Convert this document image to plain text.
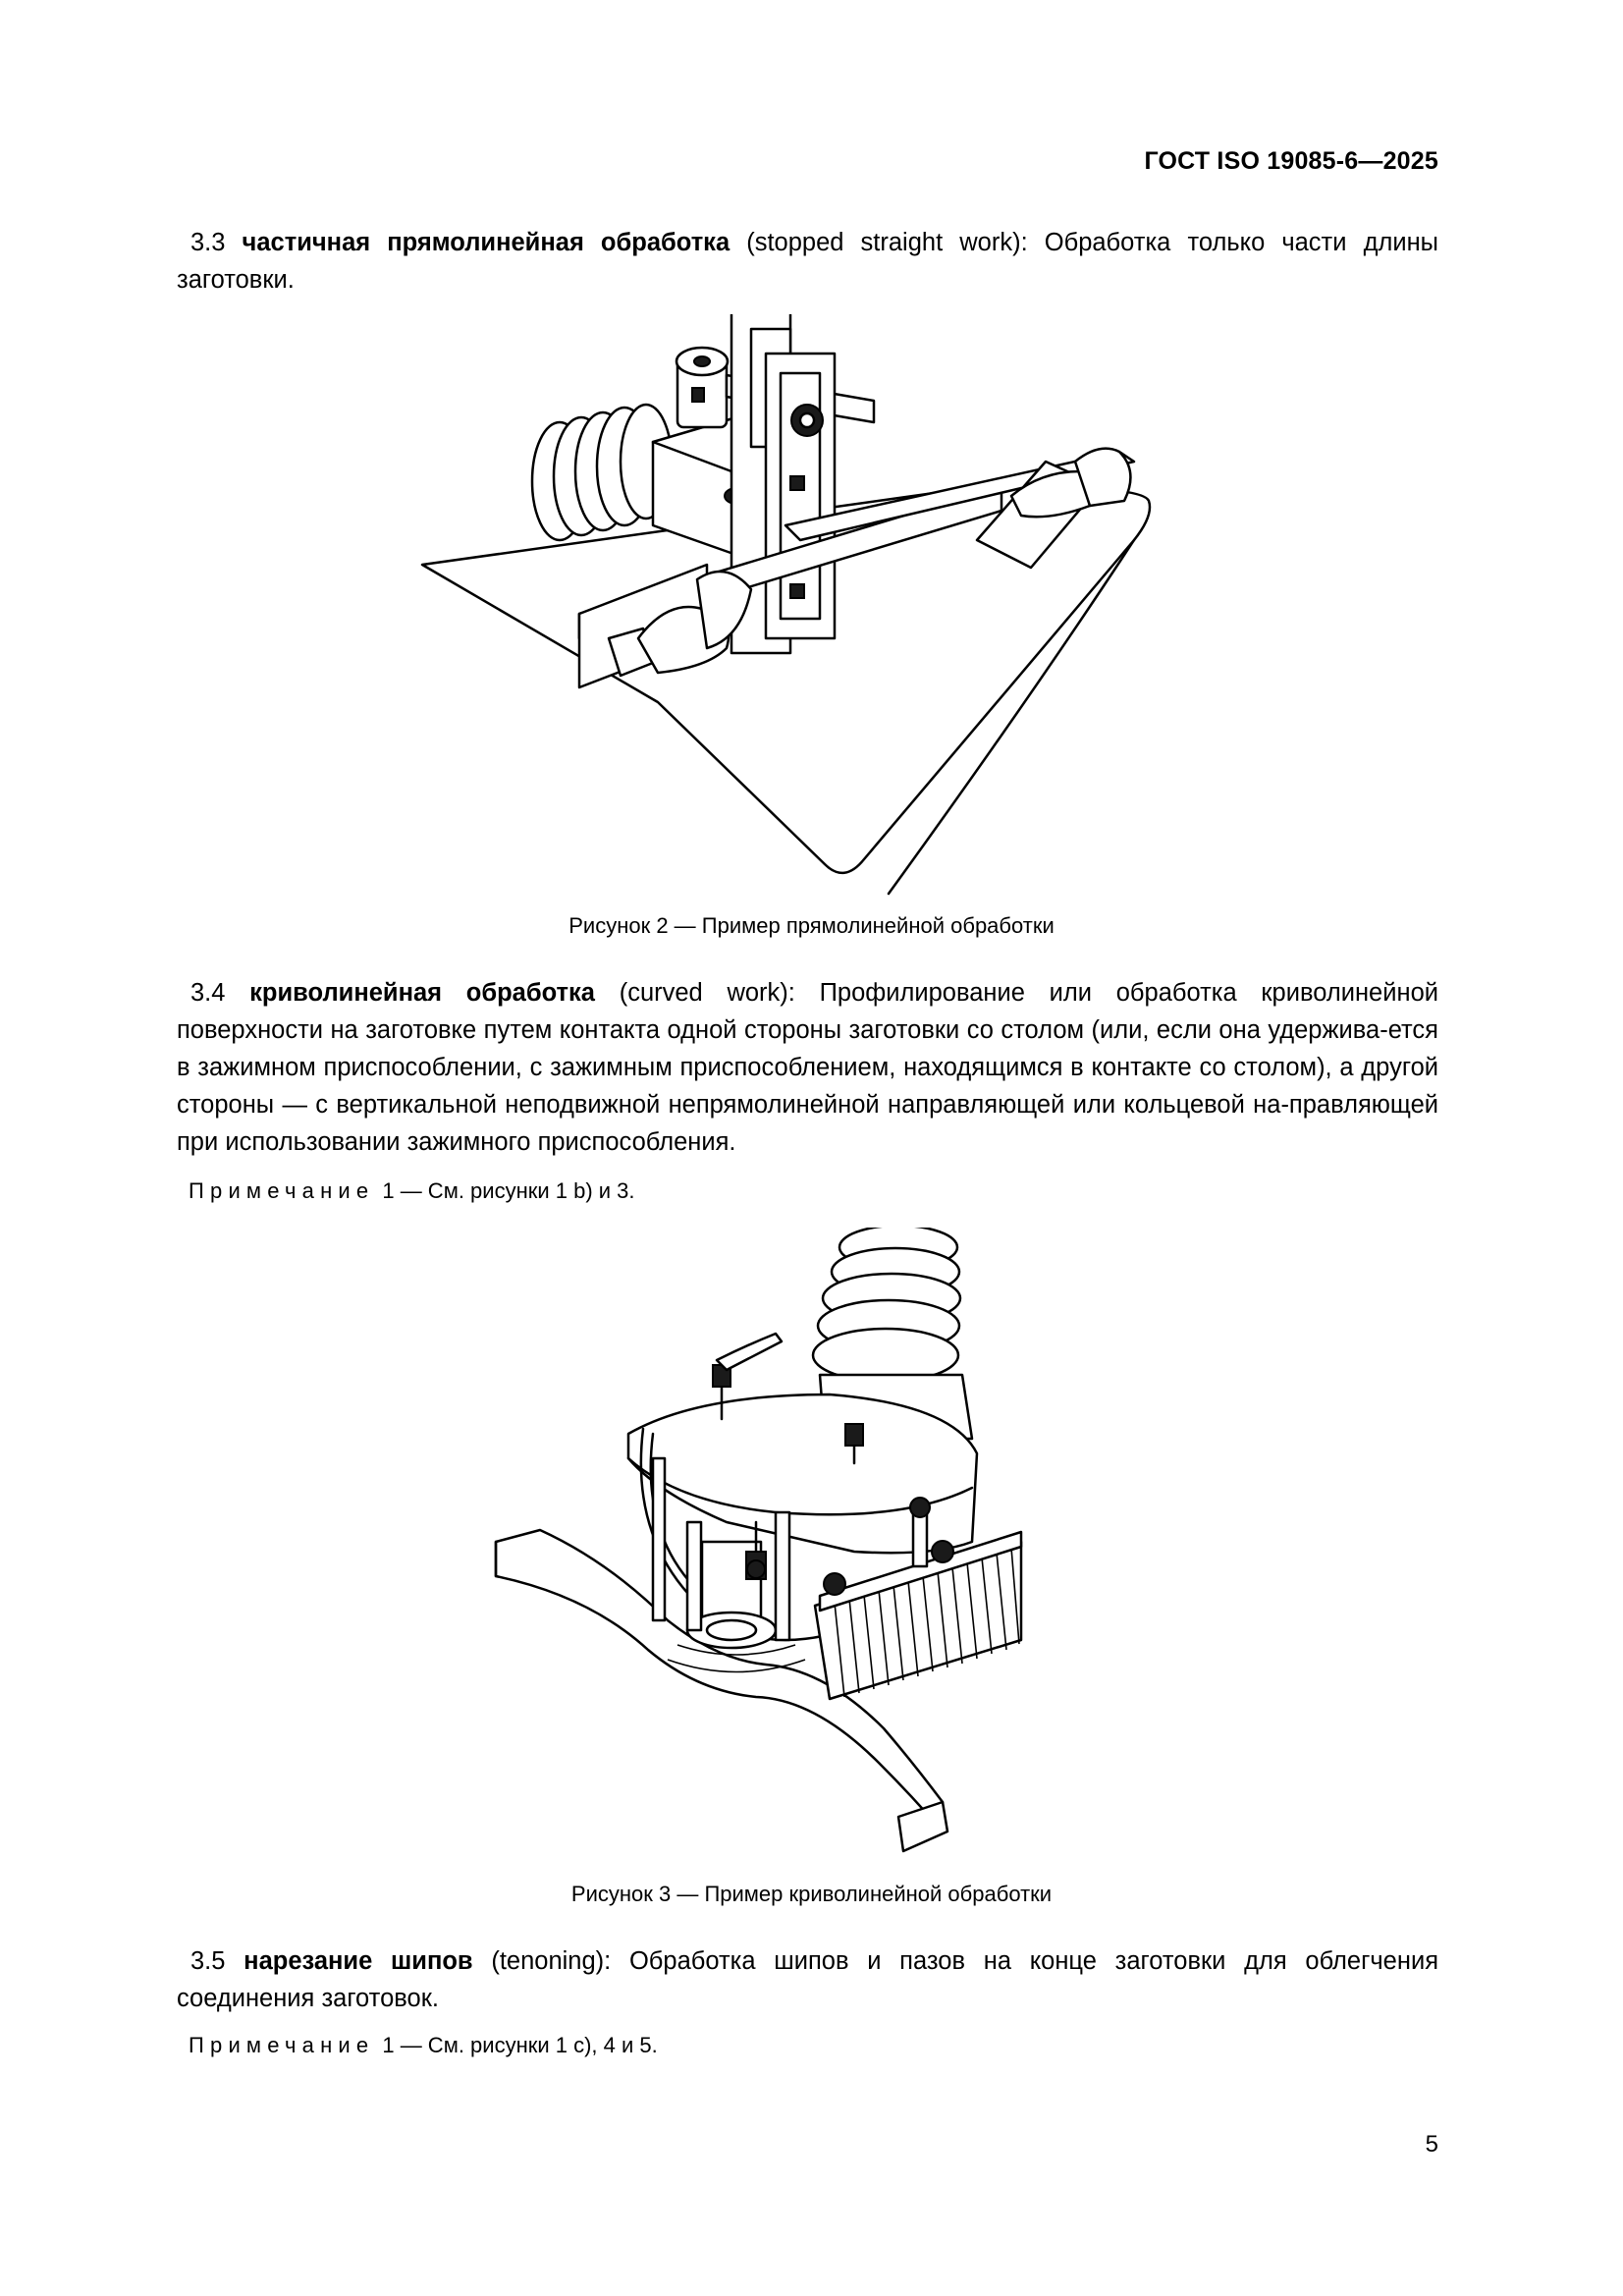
ГОСТ ISO 19085-6—2025

3.3 частичная прямолинейная обработка (stopped straight work): Обработка только части длины заготовки.

Рисунок 2 — Пример прямолинейной обработки

3.4 криволинейная обработка (curved work): Профилирование или обработка криволинейной поверхности на заготовке путем контакта одной стороны заготовки со столом (или, если она удержива-ется в зажимном приспособлении, с зажимным приспособлением, находящимся в контакте со столом), а другой стороны — с вертикальной неподвижной непрямолинейной направляющей или кольцевой на-правляющей при использовании зажимного приспособления.

Примечание 1 — См. рисунки 1 b) и 3.
Рисунок 3 — Пример криволинейной обработки

3.5 нарезание шипов (tenoning): Обработка шипов и пазов на конце заготовки для облегчения соединения заготовок.

Примечание 1 — См. рисунки 1 c), 4 и 5.
5
